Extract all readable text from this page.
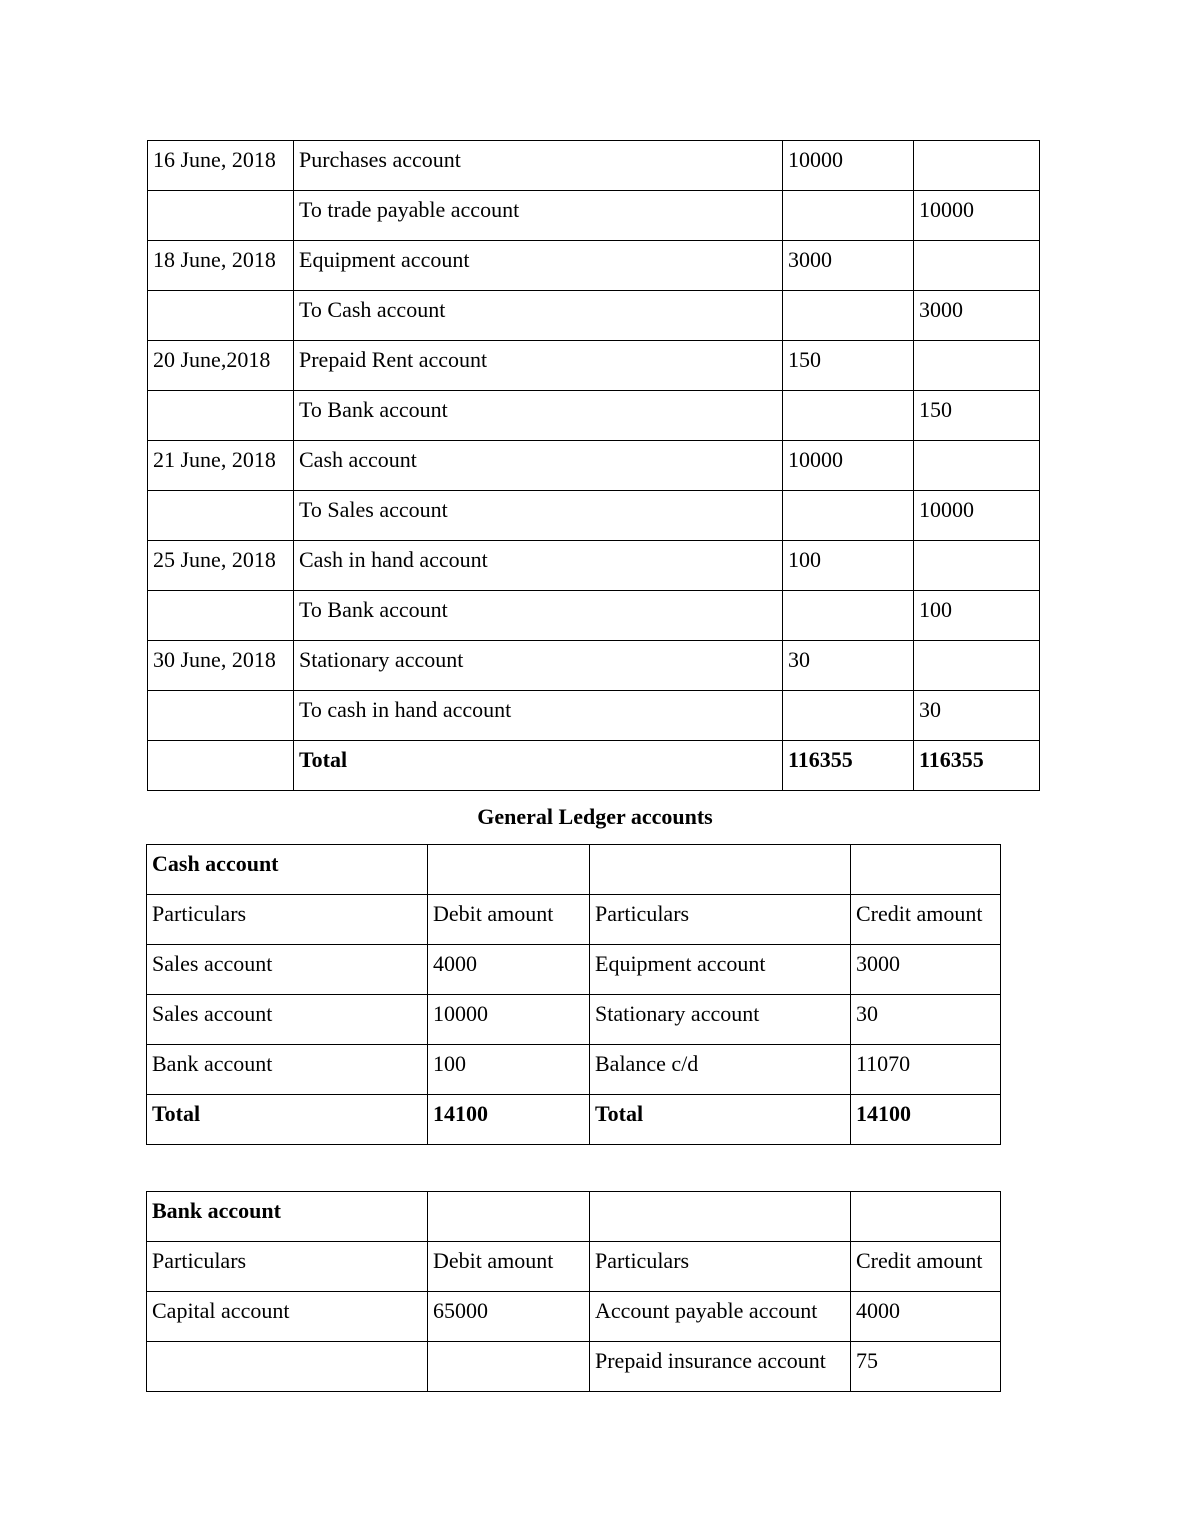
16 June, 2018	Purchases account	10000	
	To trade payable account		10000
18 June, 2018	Equipment account	3000	
	To Cash account		3000
20 June,2018	Prepaid Rent account	150	
	To Bank account		150
21 June, 2018	Cash account	10000	
	To Sales account		10000
25 June, 2018	Cash in hand account	100	
	To Bank account		100
30 June, 2018	Stationary account	30	
	To cash in hand account		30
	Total	116355	116355
General Ledger accounts
Cash account			
Particulars	Debit amount	Particulars	Credit amount
Sales account	4000	Equipment account	3000
Sales account	10000	Stationary account	30
Bank account	100	Balance c/d	11070
Total	14100	Total	14100
Bank account			
Particulars	Debit amount	Particulars	Credit amount
Capital account	65000	Account payable account	4000
		Prepaid insurance account	75
